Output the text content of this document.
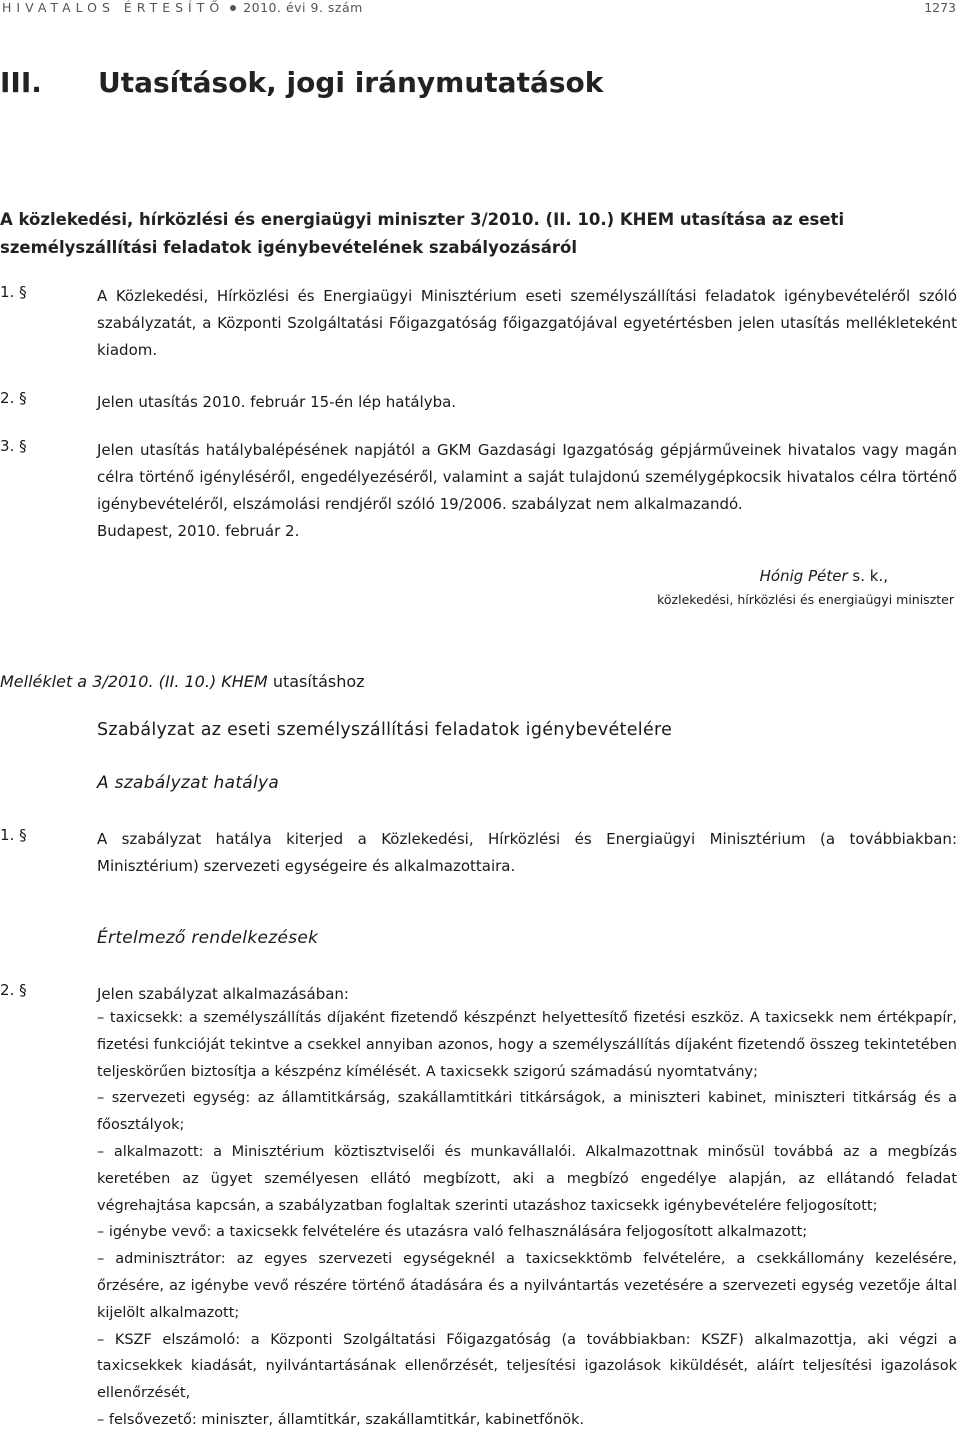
HIVATALOS ÉRTESÍTŐ 2010. évi 9. szám	1273
III. Utasítások, jogi iránymutatások
A közlekedési, hírközlési és energiaügyi miniszter 3/2010. (II. 10.) KHEM utasítása az eseti személyszállítási feladatok igénybevételének szabályozásáról
1. §	A Közlekedési, Hírközlési és Energiaügyi Minisztérium eseti személyszállítási feladatok igénybevételéről szóló szabályzatát, a Központi Szolgáltatási Főigazgatóság főigazgatójával egyetértésben jelen utasítás mellékleteként kiadom.
2. §	Jelen utasítás 2010. február 15-én lép hatályba.
3. §	Jelen utasítás hatálybalépésének napjától a GKM Gazdasági Igazgatóság gépjárműveinek hivatalos vagy magán célra történő igényléséről, engedélyezéséről, valamint a saját tulajdonú személygépkocsik hivatalos célra történő igénybevételéről, elszámolási rendjéről szóló 19/2006. szabályzat nem alkalmazandó.
Budapest, 2010. február 2.
Hónig Péter s. k.,
közlekedési, hírközlési és energiaügyi miniszter
Melléklet a 3/2010. (II. 10.) KHEM utasításhoz
Szabályzat az eseti személyszállítási feladatok igénybevételére
A szabályzat hatálya
1. §	A szabályzat hatálya kiterjed a Közlekedési, Hírközlési és Energiaügyi Minisztérium (a továbbiakban: Minisztérium) szervezeti egységeire és alkalmazottaira.
Értelmező rendelkezések
2. §	Jelen szabályzat alkalmazásában:
– taxicsekk: a személyszállítás díjaként fizetendő készpénzt helyettesítő fizetési eszköz. A taxicsekk nem értékpapír, fizetési funkcióját tekintve a csekkel annyiban azonos, hogy a személyszállítás díjaként fizetendő összeg tekintetében teljeskörűen biztosítja a készpénz kímélését. A taxicsekk szigorú számadású nyomtatvány;
– szervezeti egység: az államtitkárság, szakállamtitkári titkárságok, a miniszteri kabinet, miniszteri titkárság és a főosztályok;
– alkalmazott: a Minisztérium köztisztviselői és munkavállalói. Alkalmazottnak minősül továbbá az a megbízás keretében az ügyet személyesen ellátó megbízott, aki a megbízó engedélye alapján, az ellátandó feladat végrehajtása kapcsán, a szabályzatban foglaltak szerinti utazáshoz taxicsekk igénybevételére feljogosított;
– igénybe vevő: a taxicsekk felvételére és utazásra való felhasználására feljogosított alkalmazott;
– adminisztrátor: az egyes szervezeti egységeknél a taxicsekktömb felvételére, a csekkállomány kezelésére, őrzésére, az igénybe vevő részére történő átadására és a nyilvántartás vezetésére a szervezeti egység vezetője által kijelölt alkalmazott;
– KSZF elszámoló: a Központi Szolgáltatási Főigazgatóság (a továbbiakban: KSZF) alkalmazottja, aki végzi a taxicsekkek kiadását, nyilvántartásának ellenőrzését, teljesítési igazolások kiküldését, aláírt teljesítési igazolások ellenőrzését,
– felsővezető: miniszter, államtitkár, szakállamtitkár, kabinetfőnök.
